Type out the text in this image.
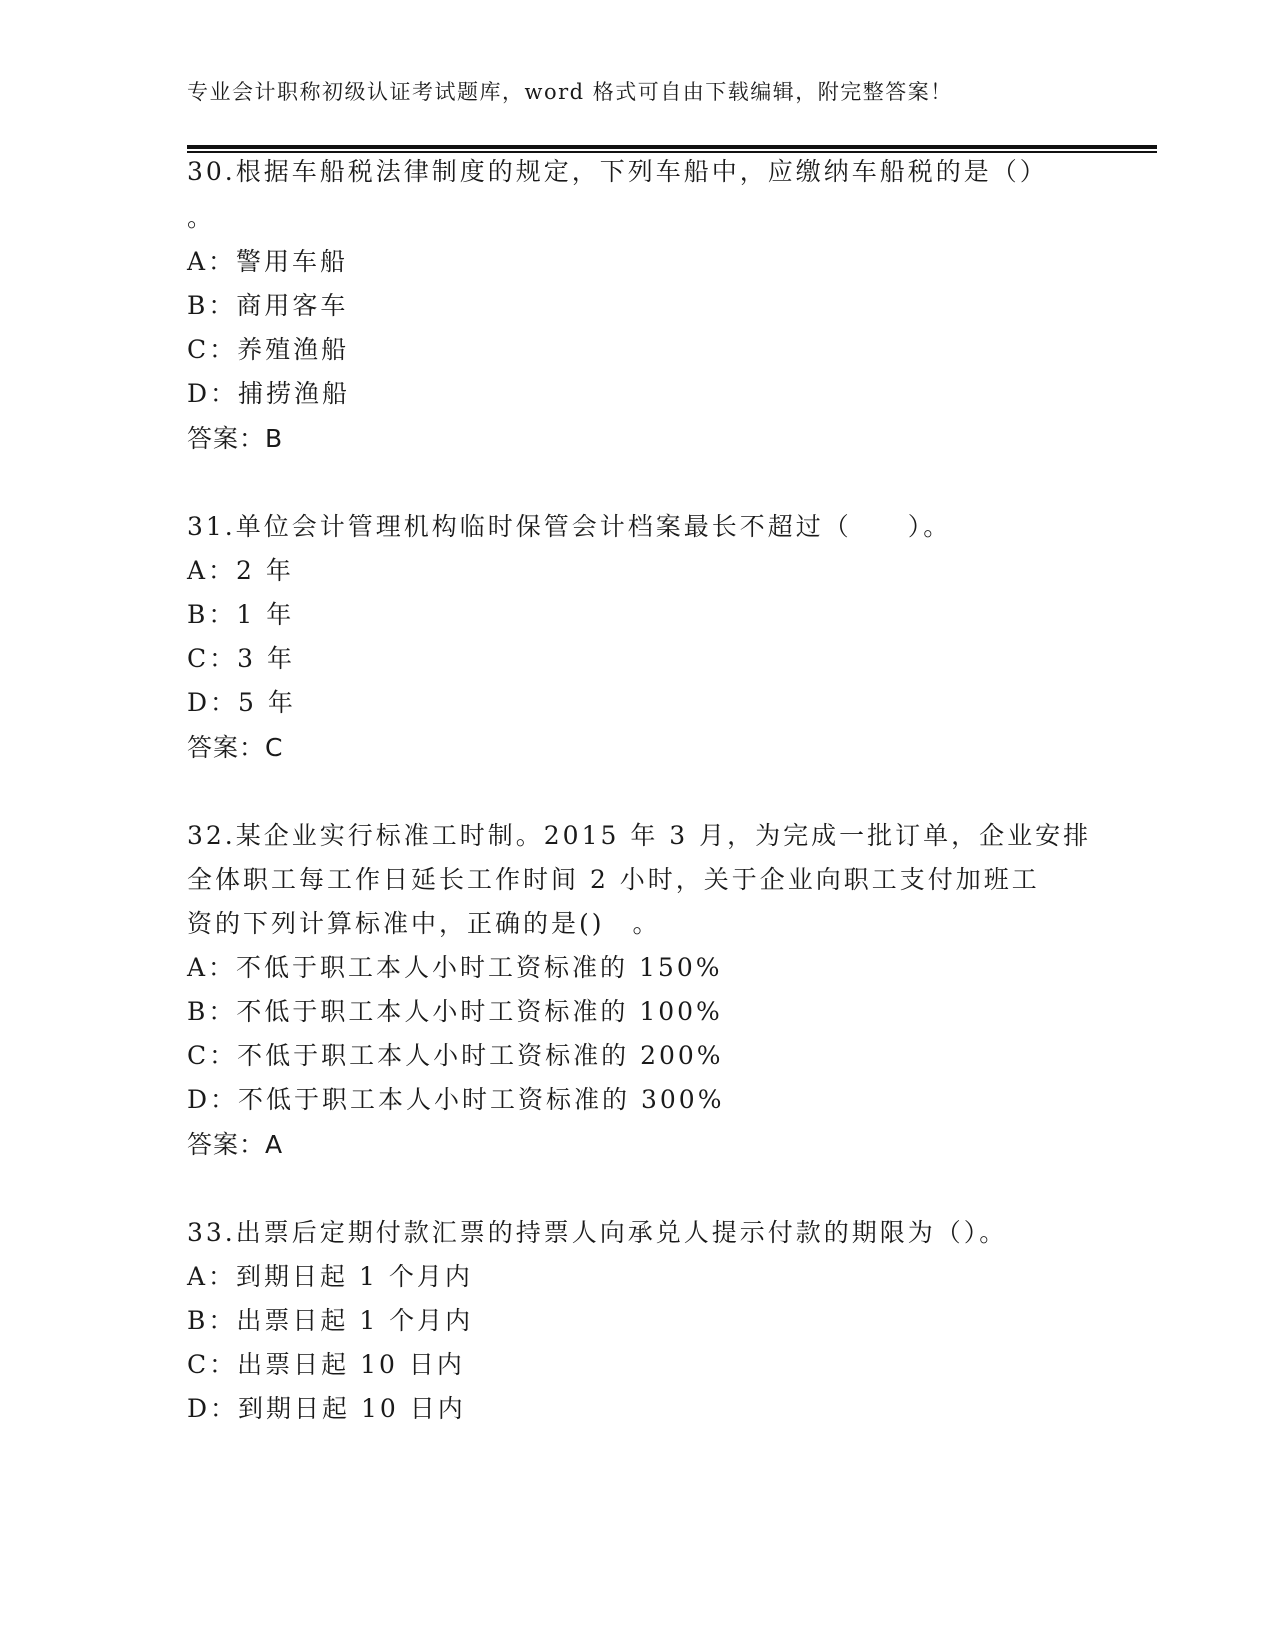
专业会计职称初级认证考试题库，word 格式可自由下载编辑，附完整答案！
30.根据车船税法律制度的规定，下列车船中，应缴纳车船税的是（）
。
A：警用车船
B：商用客车
C：养殖渔船
D：捕捞渔船
答案：B
31.单位会计管理机构临时保管会计档案最长不超过（　　）。
A：2 年
B：1 年
C：3 年
D：5 年
答案：C
32.某企业实行标准工时制。2015 年 3 月，为完成一批订单，企业安排
全体职工每工作日延长工作时间 2 小时，关于企业向职工支付加班工
资的下列计算标准中，正确的是()　。
A：不低于职工本人小时工资标准的 150%
B：不低于职工本人小时工资标准的 100%
C：不低于职工本人小时工资标准的 200%
D：不低于职工本人小时工资标准的 300%
答案：A
33.出票后定期付款汇票的持票人向承兑人提示付款的期限为（）。
A：到期日起 1 个月内
B：出票日起 1 个月内
C：出票日起 10 日内
D：到期日起 10 日内
